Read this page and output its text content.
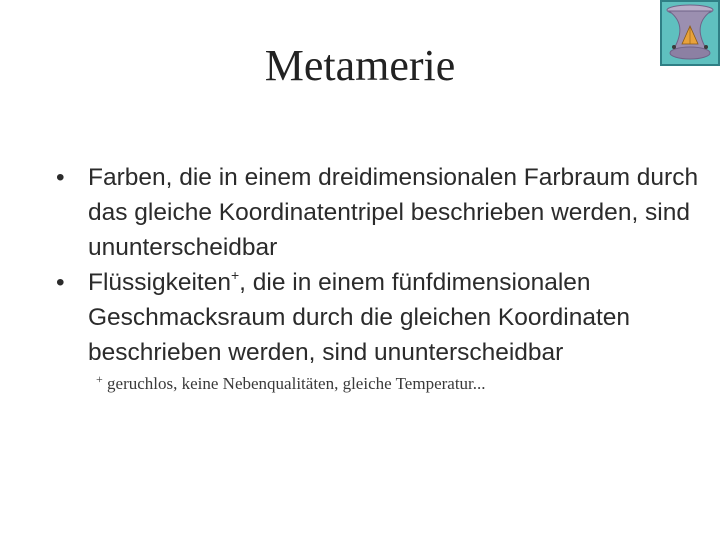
Metamerie
• Farben, die in einem dreidimensionalen Farbraum durch das gleiche Koordinatentripel beschrieben werden, sind ununterscheidbar
• Flüssigkeiten+, die in einem fünfdimensionalen Geschmacksraum durch die gleichen Koordinaten beschrieben werden, sind ununterscheidbar
+ geruchlos, keine Nebenqualitäten, gleiche Temperatur...
